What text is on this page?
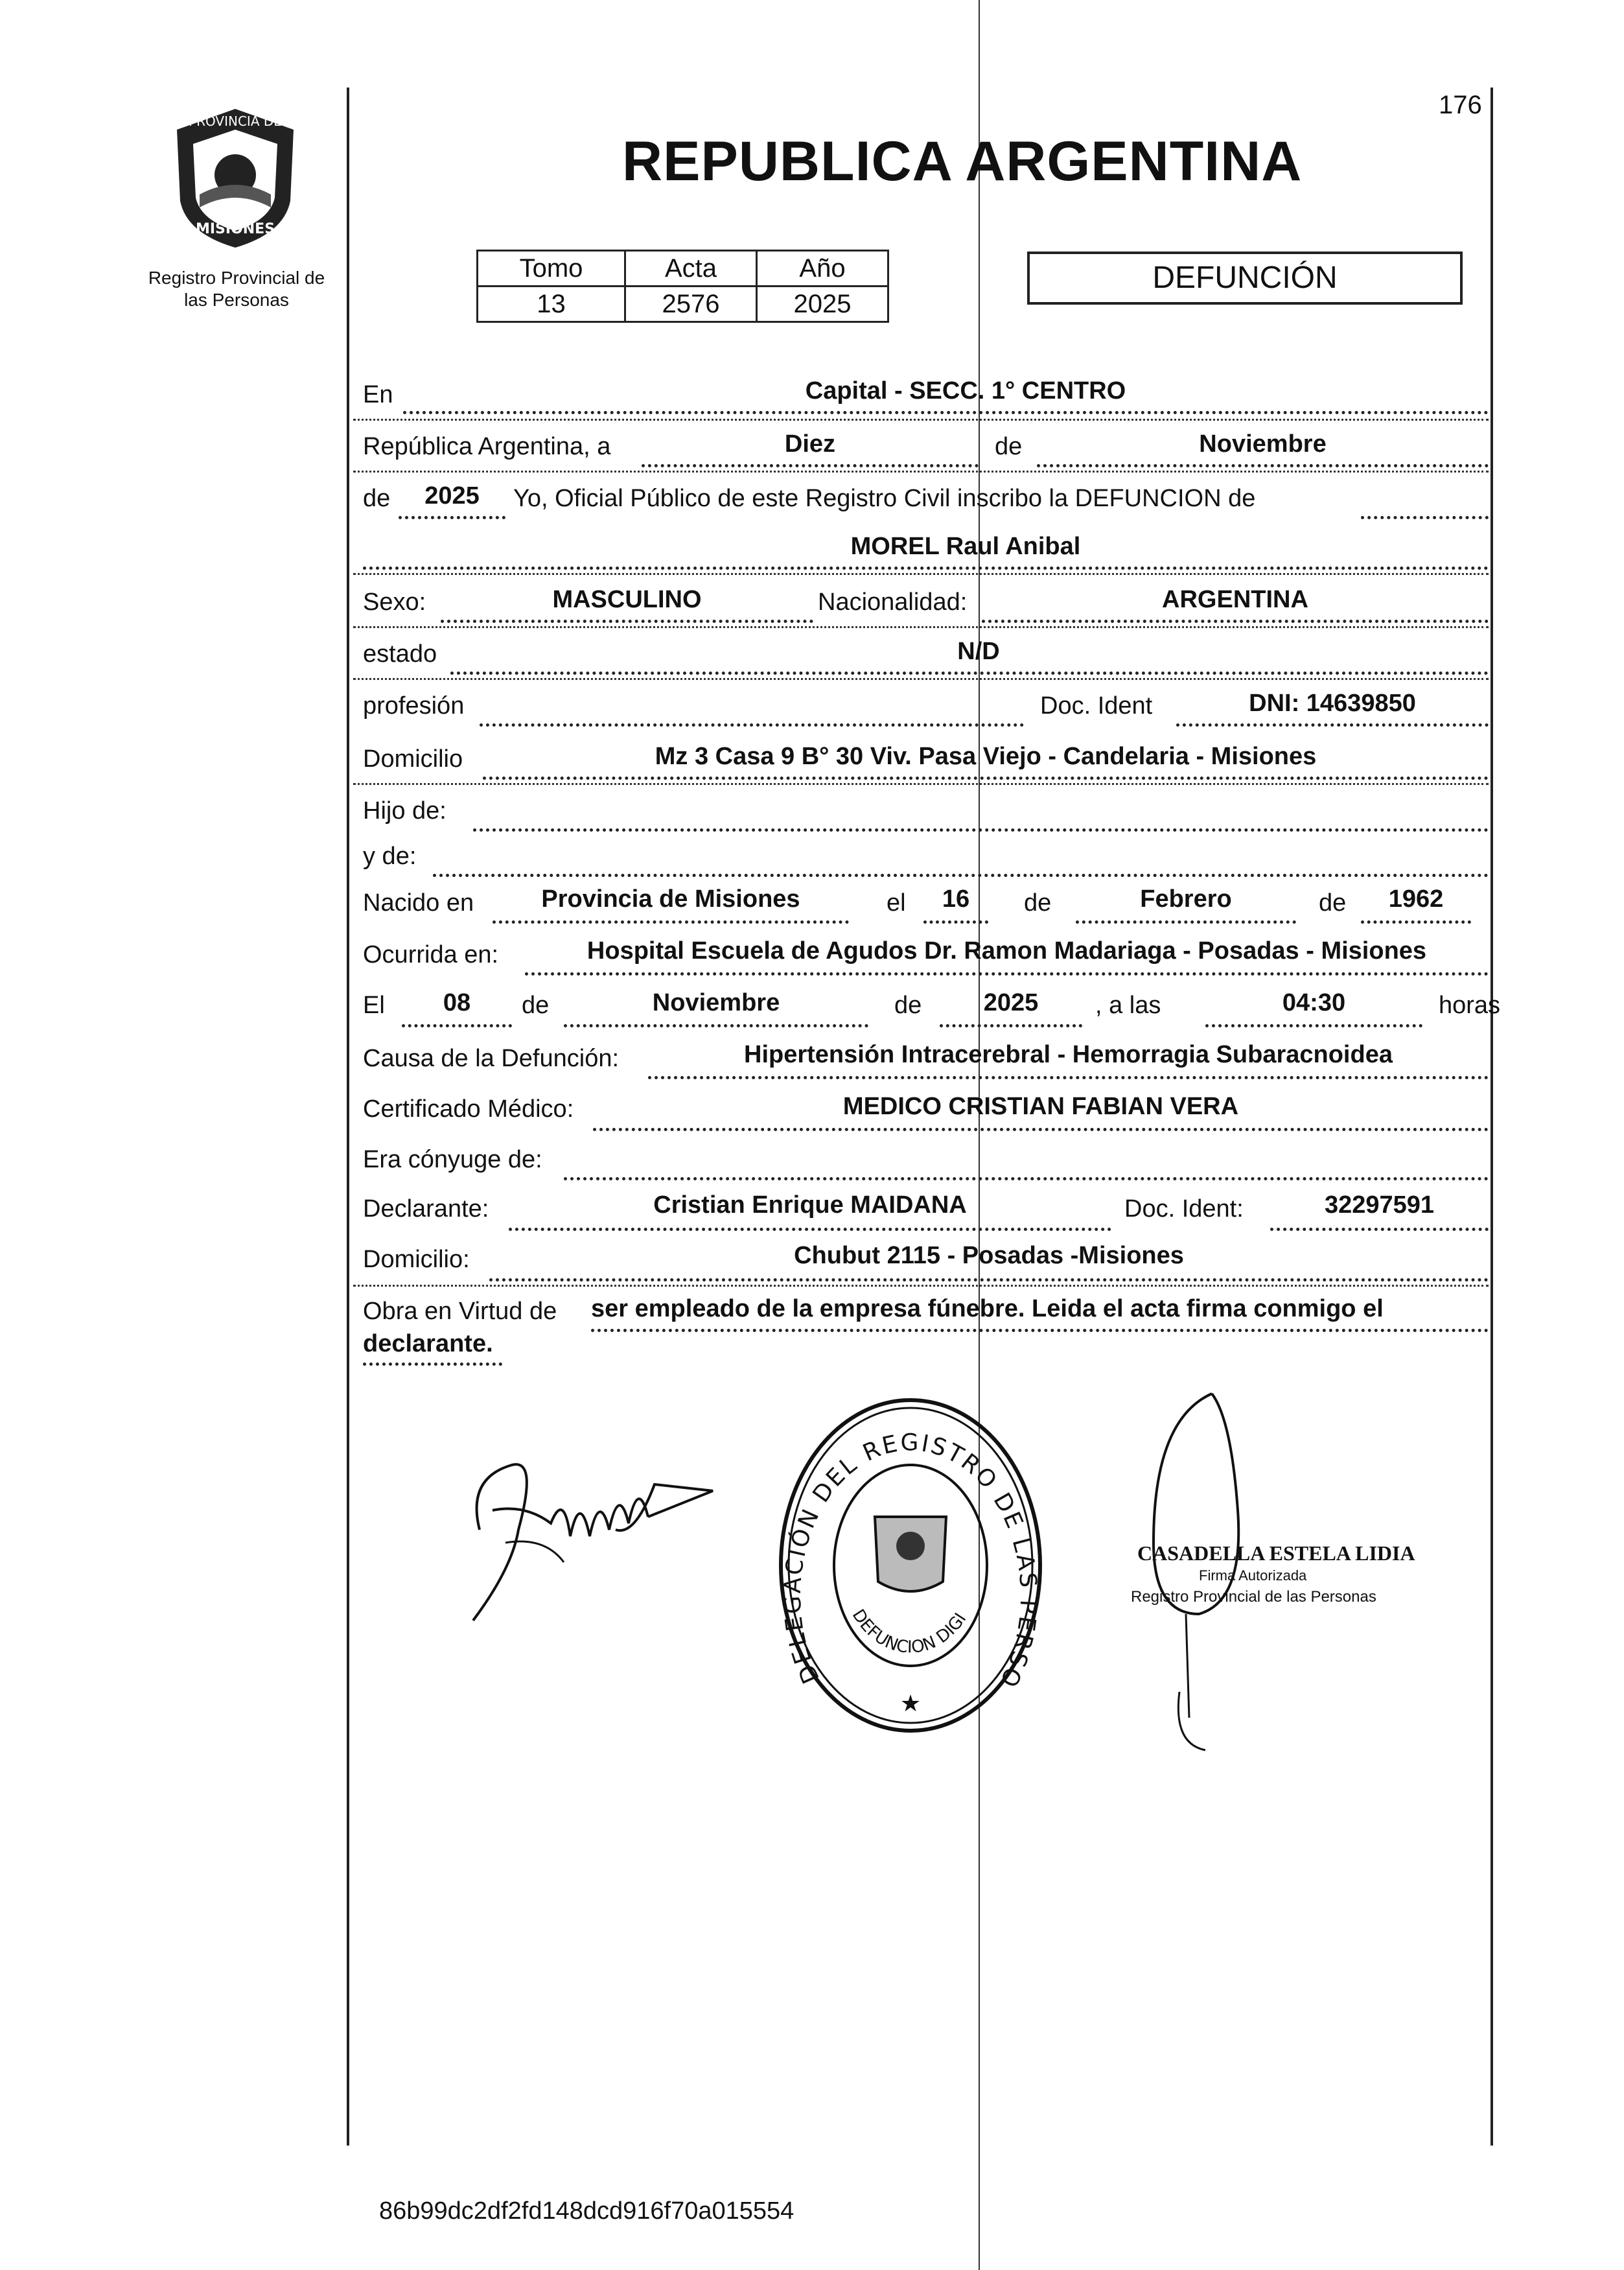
PROVINCIA DE
MISIONES
Registro Provincial de las Personas
176
REPUBLICA ARGENTINA
Tomo	Acta	Año
13	2576	2025
DEFUNCIÓN
En	Capital - SECC. 1° CENTRO
República Argentina, a	Diez	de	Noviembre
de	2025	Yo, Oficial Público de este Registro Civil inscribo la DEFUNCION de
MOREL Raul Anibal
Sexo:	MASCULINO	Nacionalidad:	ARGENTINA
estado	N/D
profesión	Doc. Ident	DNI: 14639850
Domicilio	Mz 3 Casa 9 B° 30 Viv. Pasa Viejo - Candelaria - Misiones
Hijo de:
y de:
Nacido en	Provincia de Misiones	el	16	de	Febrero	de	1962
Ocurrida en:	Hospital Escuela de Agudos Dr. Ramon Madariaga - Posadas - Misiones
El	08	de	Noviembre	de	2025	, a las	04:30	horas
Causa de la Defunción:	Hipertensión Intracerebral - Hemorragia Subaracnoidea
Certificado Médico:	MEDICO CRISTIAN FABIAN VERA
Era cónyuge de:
Declarante:	Cristian Enrique MAIDANA	Doc. Ident:	32297591
Domicilio:	Chubut 2115 - Posadas -Misiones
Obra en Virtud de ser empleado de la empresa fúnebre. Leida el acta firma conmigo el
declarante.
DELEGACIÓN DEL REGISTRO DE LAS PERSO
DEFUNCION DIGI
★
CASADELLA ESTELA LIDIA
Firma Autorizada
Registro Provincial de las Personas
86b99dc2df2fd148dcd916f70a015554
